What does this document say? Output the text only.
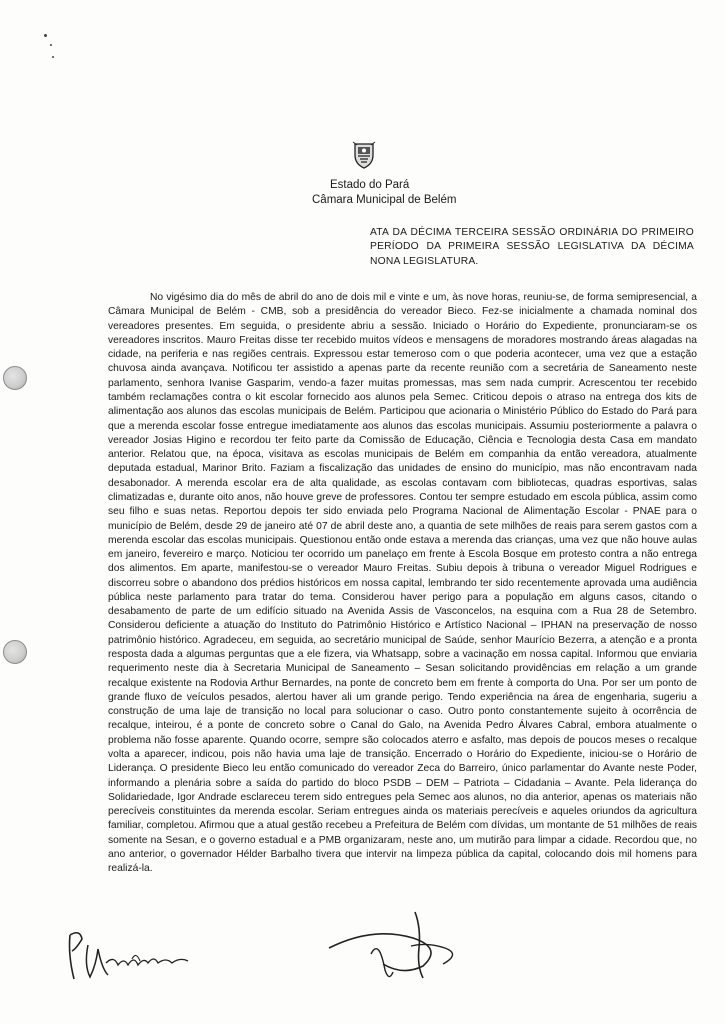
Estado do Pará
Câmara Municipal de Belém
ATA DA DÉCIMA TERCEIRA SESSÃO ORDINÁRIA DO PRIMEIRO PERÍODO DA PRIMEIRA SESSÃO LEGISLATIVA DA DÉCIMA NONA LEGISLATURA.

No vigésimo dia do mês de abril do ano de dois mil e vinte e um, às nove horas, reuniu-se, de forma semipresencial, a Câmara Municipal de Belém - CMB, sob a presidência do vereador Bieco. Fez-se inicialmente a chamada nominal dos vereadores presentes. Em seguida, o presidente abriu a sessão. Iniciado o Horário do Expediente, pronunciaram-se os vereadores inscritos. Mauro Freitas disse ter recebido muitos vídeos e mensagens de moradores mostrando áreas alagadas na cidade, na periferia e nas regiões centrais. Expressou estar temeroso com o que poderia acontecer, uma vez que a estação chuvosa ainda avançava. Notificou ter assistido a apenas parte da recente reunião com a secretária de Saneamento neste parlamento, senhora Ivanise Gasparim, vendo-a fazer muitas promessas, mas sem nada cumprir. Acrescentou ter recebido também reclamações contra o kit escolar fornecido aos alunos pela Semec. Criticou depois o atraso na entrega dos kits de alimentação aos alunos das escolas municipais de Belém. Participou que acionaria o Ministério Público do Estado do Pará para que a merenda escolar fosse entregue imediatamente aos alunos das escolas municipais. Assumiu posteriormente a palavra o vereador Josias Higino e recordou ter feito parte da Comissão de Educação, Ciência e Tecnologia desta Casa em mandato anterior. Relatou que, na época, visitava as escolas municipais de Belém em companhia da então vereadora, atualmente deputada estadual, Marinor Brito. Faziam a fiscalização das unidades de ensino do município, mas não encontravam nada desabonador. A merenda escolar era de alta qualidade, as escolas contavam com bibliotecas, quadras esportivas, salas climatizadas e, durante oito anos, não houve greve de professores. Contou ter sempre estudado em escola pública, assim como seu filho e suas netas. Reportou depois ter sido enviada pelo Programa Nacional de Alimentação Escolar - PNAE para o município de Belém, desde 29 de janeiro até 07 de abril deste ano, a quantia de sete milhões de reais para serem gastos com a merenda escolar das escolas municipais. Questionou então onde estava a merenda das crianças, uma vez que não houve aulas em janeiro, fevereiro e março. Noticiou ter ocorrido um panelaço em frente à Escola Bosque em protesto contra a não entrega dos alimentos. Em aparte, manifestou-se o vereador Mauro Freitas. Subiu depois à tribuna o vereador Miguel Rodrigues e discorreu sobre o abandono dos prédios históricos em nossa capital, lembrando ter sido recentemente aprovada uma audiência pública neste parlamento para tratar do tema. Considerou haver perigo para a população em alguns casos, citando o desabamento de parte de um edifício situado na Avenida Assis de Vasconcelos, na esquina com a Rua 28 de Setembro. Considerou deficiente a atuação do Instituto do Patrimônio Histórico e Artístico Nacional – IPHAN na preservação de nosso patrimônio histórico. Agradeceu, em seguida, ao secretário municipal de Saúde, senhor Maurício Bezerra, a atenção e a pronta resposta dada a algumas perguntas que a ele fizera, via Whatsapp, sobre a vacinação em nossa capital. Informou que enviaria requerimento neste dia à Secretaria Municipal de Saneamento – Sesan solicitando providências em relação a um grande recalque existente na Rodovia Arthur Bernardes, na ponte de concreto bem em frente à comporta do Una. Por ser um ponto de grande fluxo de veículos pesados, alertou haver ali um grande perigo. Tendo experiência na área de engenharia, sugeriu a construção de uma laje de transição no local para solucionar o caso. Outro ponto constantemente sujeito à ocorrência de recalque, inteirou, é a ponte de concreto sobre o Canal do Galo, na Avenida Pedro Álvares Cabral, embora atualmente o problema não fosse aparente. Quando ocorre, sempre são colocados aterro e asfalto, mas depois de poucos meses o recalque volta a aparecer, indicou, pois não havia uma laje de transição. Encerrado o Horário do Expediente, iniciou-se o Horário de Liderança. O presidente Bieco leu então comunicado do vereador Zeca do Barreiro, único parlamentar do Avante neste Poder, informando a plenária sobre a saída do partido do bloco PSDB – DEM – Patriota – Cidadania – Avante. Pela liderança do Solidariedade, Igor Andrade esclareceu terem sido entregues pela Semec aos alunos, no dia anterior, apenas os materiais não perecíveis constituintes da merenda escolar. Seriam entregues ainda os materiais perecíveis e aqueles oriundos da agricultura familiar, completou. Afirmou que a atual gestão recebeu a Prefeitura de Belém com dívidas, um montante de 51 milhões de reais somente na Sesan, e o governo estadual e a PMB organizaram, neste ano, um mutirão para limpar a cidade. Recordou que, no ano anterior, o governador Hélder Barbalho tivera que intervir na limpeza pública da capital, colocando dois mil homens para realizá-la.
